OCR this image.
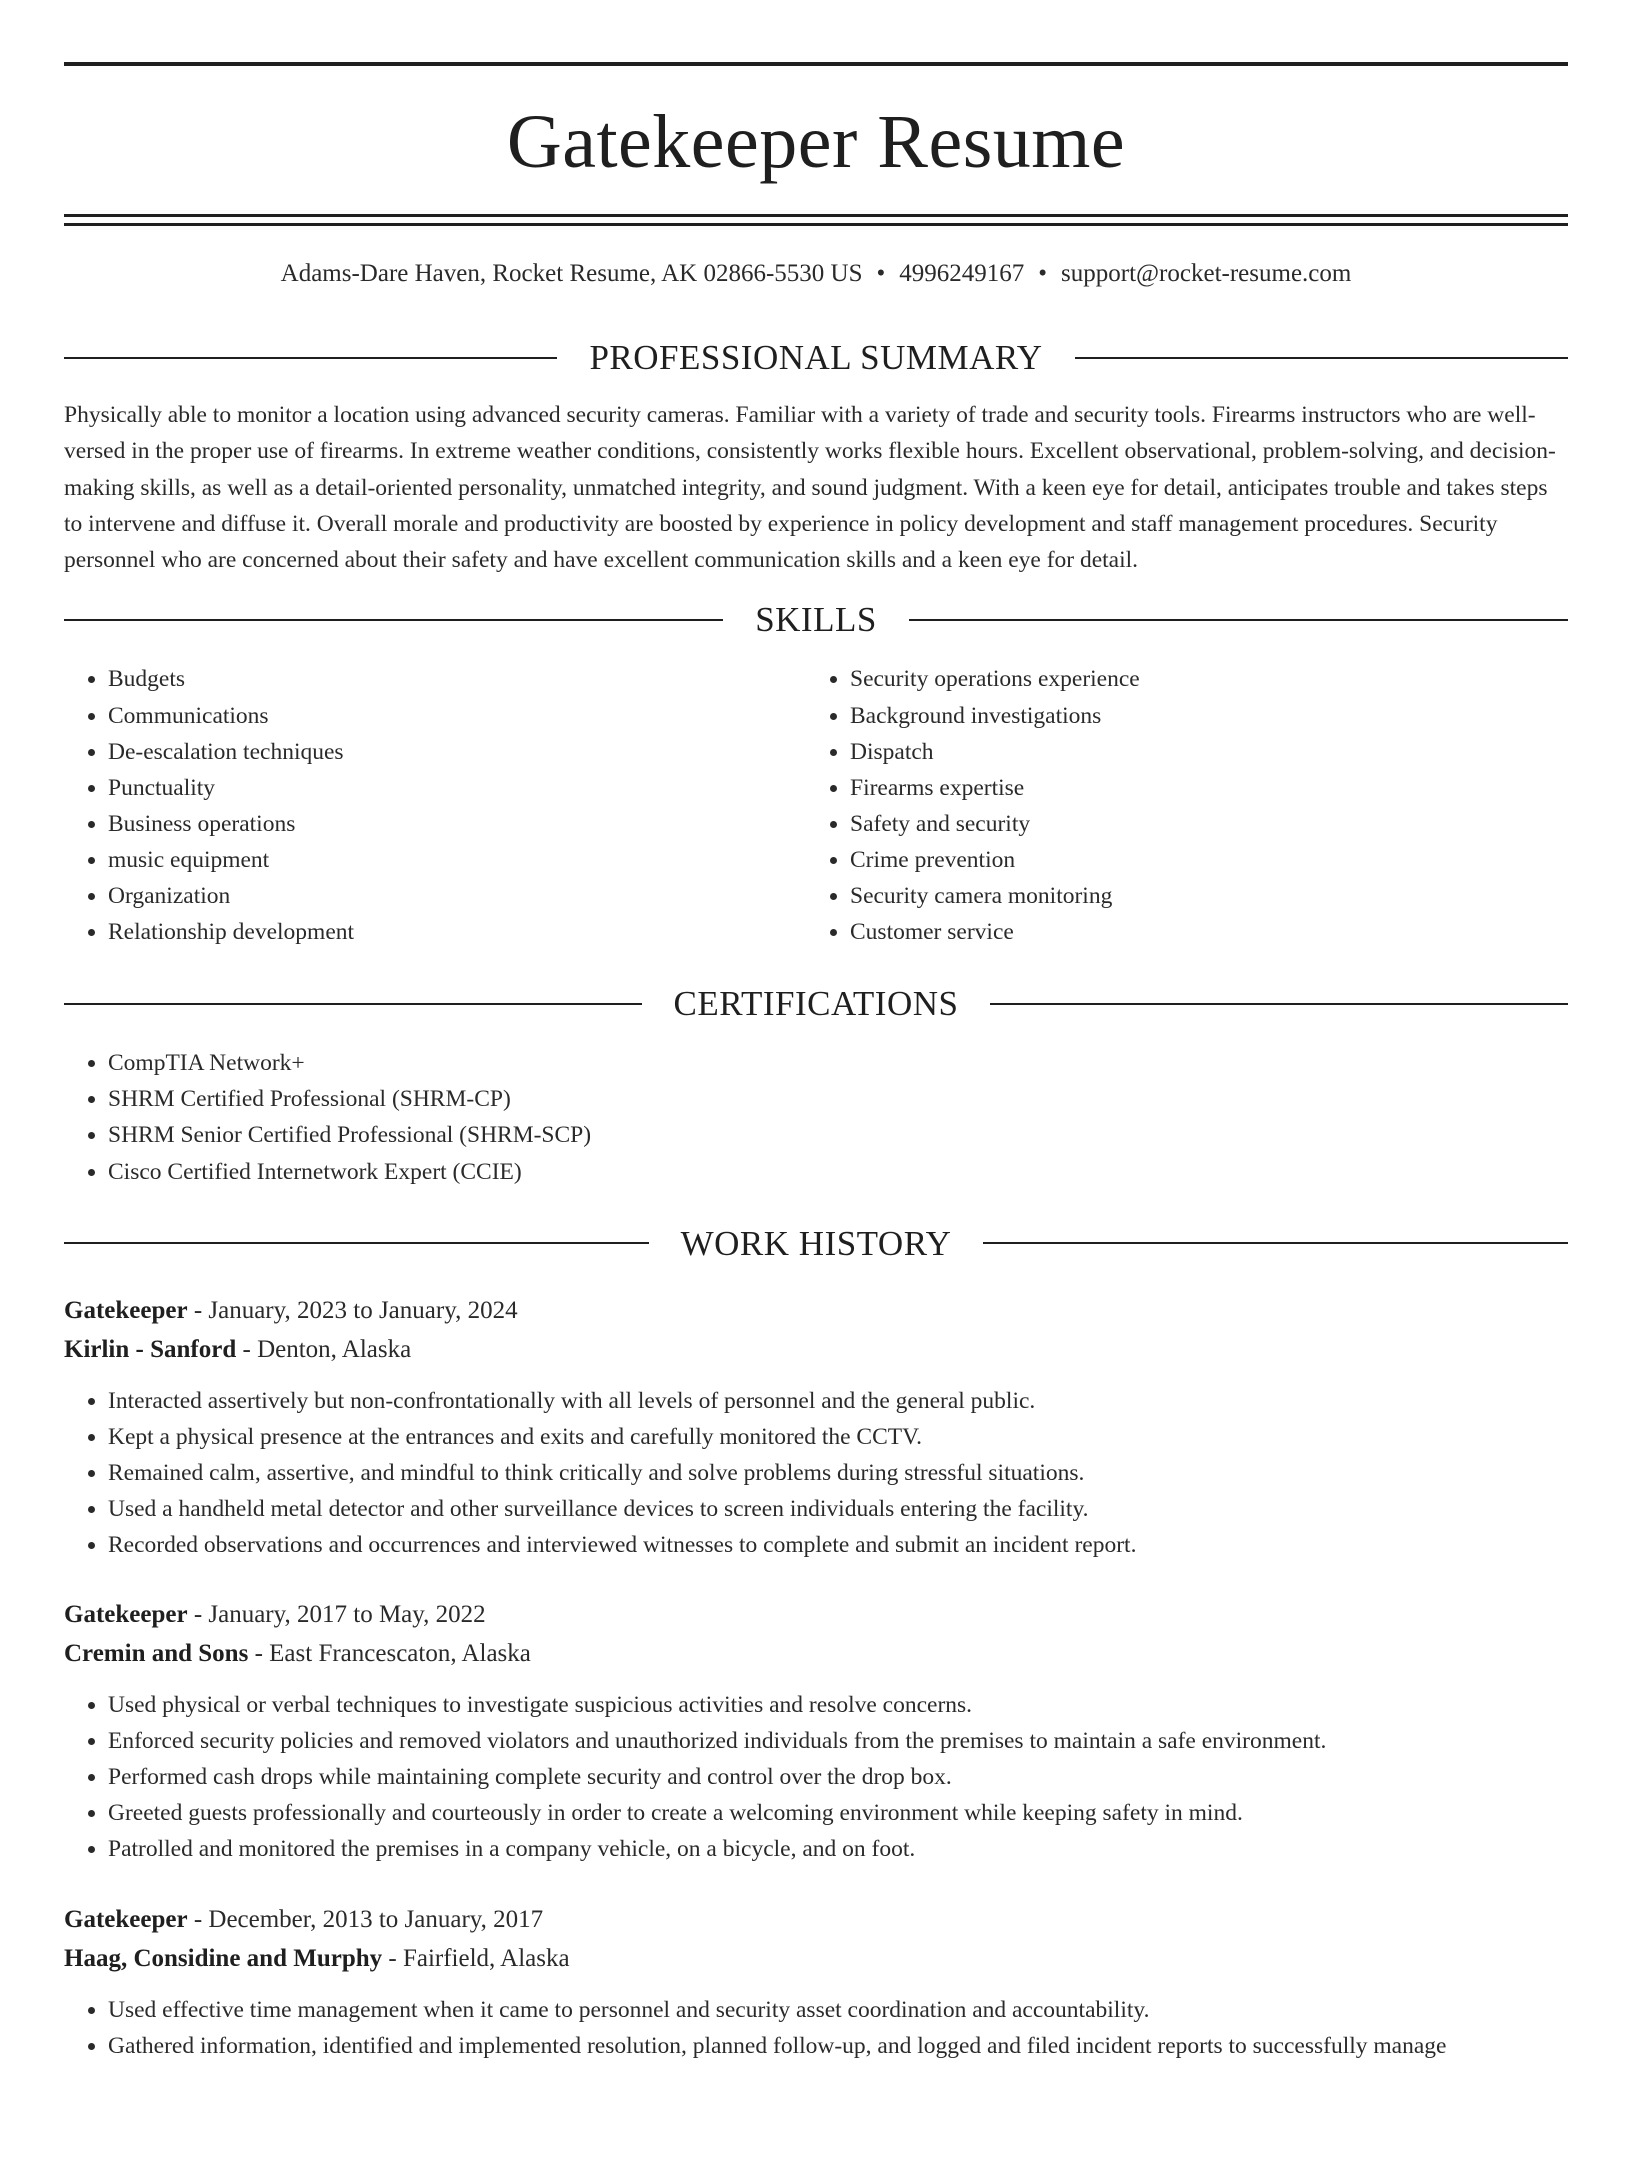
Gatekeeper Resume
Adams-Dare Haven, Rocket Resume, AK 02866-5530 US • 4996249167 • support@rocket-resume.com
PROFESSIONAL SUMMARY

Physically able to monitor a location using advanced security cameras. Familiar with a variety of trade and security tools. Firearms instructors who are well-versed in the proper use of firearms. In extreme weather conditions, consistently works flexible hours. Excellent observational, problem-solving, and decision-making skills, as well as a detail-oriented personality, unmatched integrity, and sound judgment. With a keen eye for detail, anticipates trouble and takes steps to intervene and diffuse it. Overall morale and productivity are boosted by experience in policy development and staff management procedures. Security personnel who are concerned about their safety and have excellent communication skills and a keen eye for detail.

SKILLS
• Budgets
• Communications
• De-escalation techniques
• Punctuality
• Business operations
• music equipment
• Organization
• Relationship development
• Security operations experience
• Background investigations
• Dispatch
• Firearms expertise
• Safety and security
• Crime prevention
• Security camera monitoring
• Customer service
CERTIFICATIONS
• CompTIA Network+
• SHRM Certified Professional (SHRM-CP)
• SHRM Senior Certified Professional (SHRM-SCP)
• Cisco Certified Internetwork Expert (CCIE)
WORK HISTORY
Gatekeeper - January, 2023 to January, 2024
Kirlin - Sanford - Denton, Alaska
• Interacted assertively but non-confrontationally with all levels of personnel and the general public.
• Kept a physical presence at the entrances and exits and carefully monitored the CCTV.
• Remained calm, assertive, and mindful to think critically and solve problems during stressful situations.
• Used a handheld metal detector and other surveillance devices to screen individuals entering the facility.
• Recorded observations and occurrences and interviewed witnesses to complete and submit an incident report.
Gatekeeper - January, 2017 to May, 2022
Cremin and Sons - East Francescaton, Alaska
• Used physical or verbal techniques to investigate suspicious activities and resolve concerns.
• Enforced security policies and removed violators and unauthorized individuals from the premises to maintain a safe environment.
• Performed cash drops while maintaining complete security and control over the drop box.
• Greeted guests professionally and courteously in order to create a welcoming environment while keeping safety in mind.
• Patrolled and monitored the premises in a company vehicle, on a bicycle, and on foot.
Gatekeeper - December, 2013 to January, 2017
Haag, Considine and Murphy - Fairfield, Alaska
• Used effective time management when it came to personnel and security asset coordination and accountability.
• Gathered information, identified and implemented resolution, planned follow-up, and logged and filed incident reports to successfully manage
